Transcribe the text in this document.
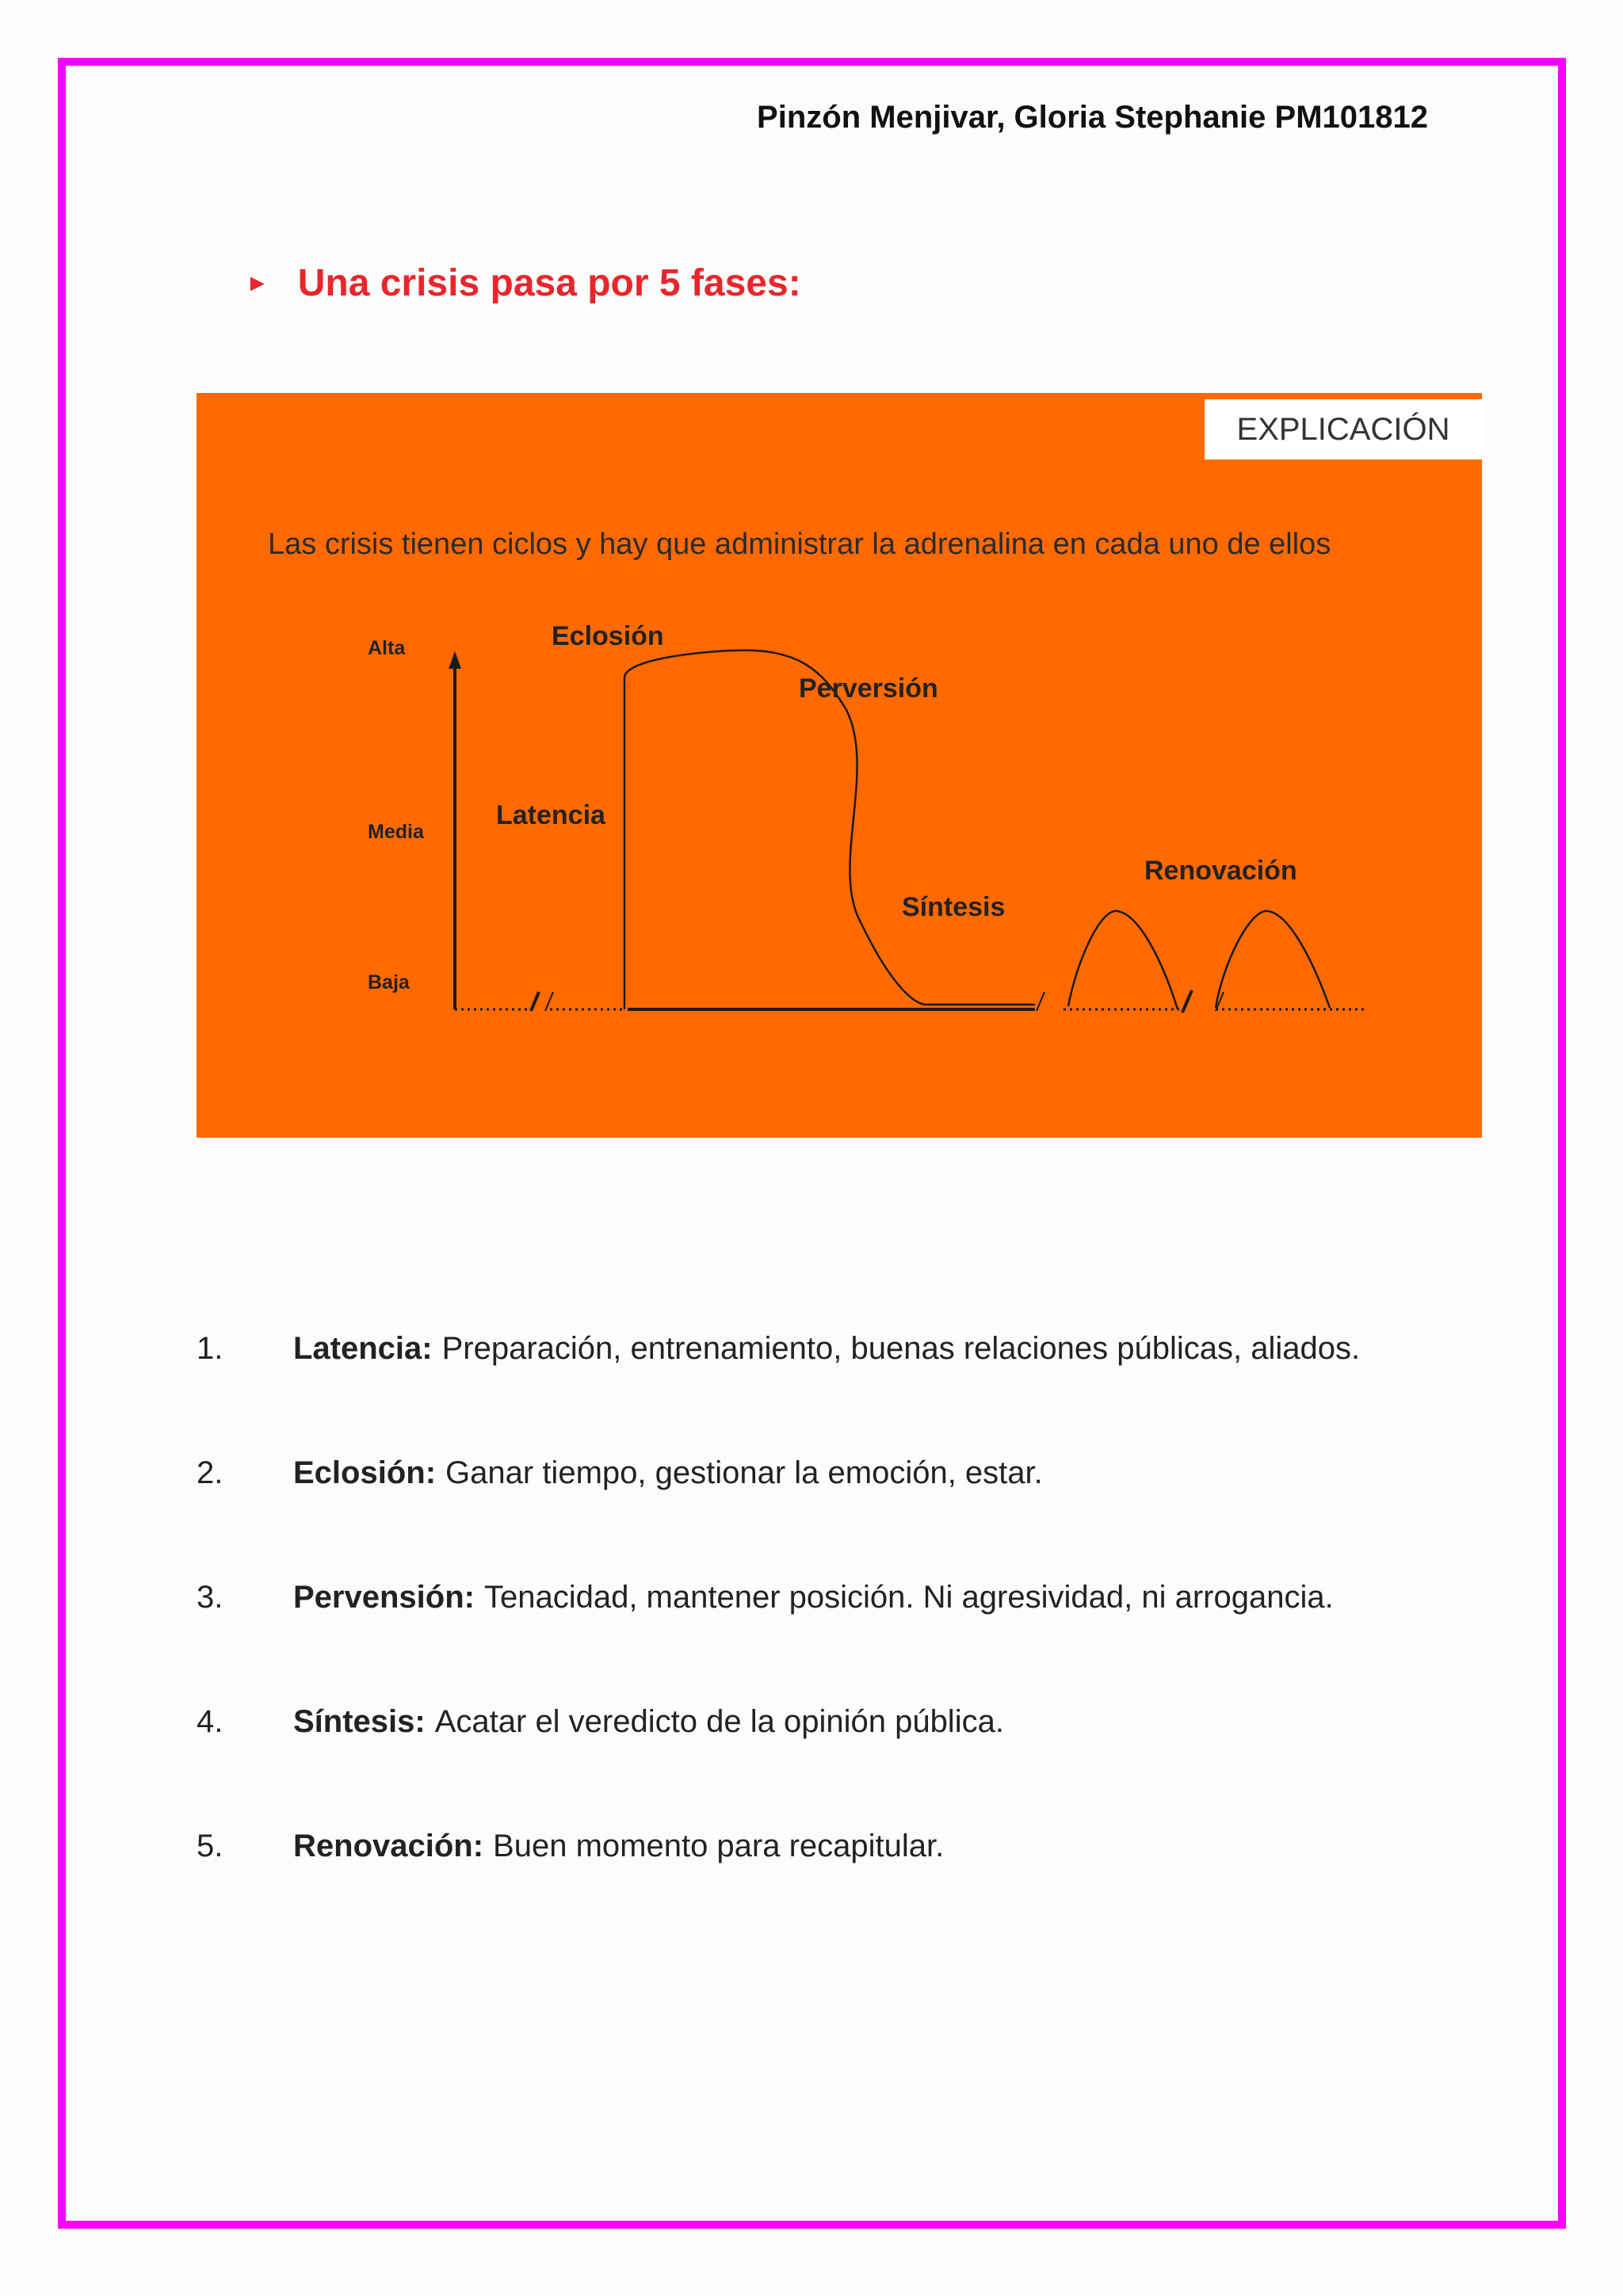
Pinzón Menjivar, Gloria Stephanie PM101812
► Una crisis pasa por 5 fases:
EXPLICACIÓN
Las crisis tienen ciclos y hay que administrar la adrenalina en cada uno de ellos
Alta
Media
Baja
Eclosión
Perversión
Latencia
Síntesis
Renovación
1.	Latencia: Preparación, entrenamiento, buenas relaciones públicas, aliados.
2.	Eclosión: Ganar tiempo, gestionar la emoción, estar.
3.	Pervensión: Tenacidad, mantener posición. Ni agresividad, ni arrogancia.
4.	Síntesis: Acatar el veredicto de la opinión pública.
5.	Renovación: Buen momento para recapitular.
